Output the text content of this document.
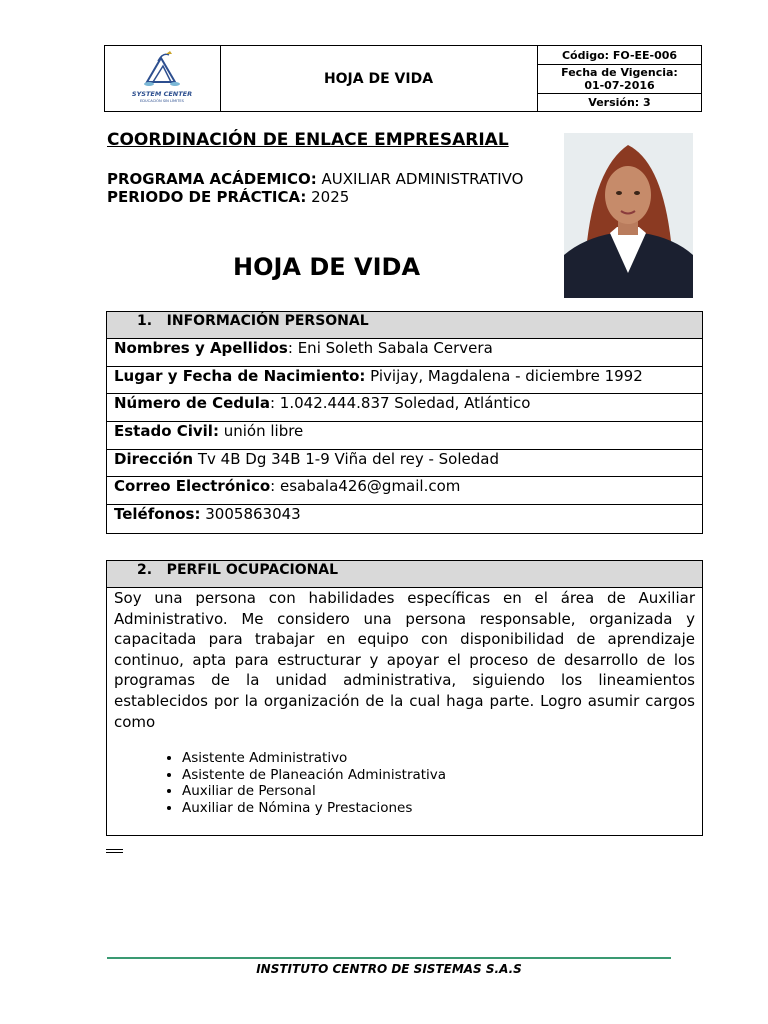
SYSTEM CENTER
EDUCACIÓN SIN LÍMITES
HOJA DE VIDA
Código: FO-EE-006
Fecha de Vigencia:
01-07-2016
Versión: 3
COORDINACIÓN DE ENLACE EMPRESARIAL
PROGRAMA ACÁDEMICO: AUXILIAR ADMINISTRATIVO
PERIODO DE PRÁCTICA: 2025
HOJA DE VIDA
1.   INFORMACIÓN PERSONAL
Nombres y Apellidos: Eni Soleth Sabala Cervera
Lugar y Fecha de Nacimiento: Pivijay, Magdalena - diciembre 1992
Número de Cedula: 1.042.444.837 Soledad, Atlántico
Estado Civil: unión libre
Dirección Tv 4B Dg 34B 1-9 Viña del rey - Soledad
Correo Electrónico: esabala426@gmail.com
Teléfonos: 3005863043
2.   PERFIL OCUPACIONAL

Soy una persona con habilidades específicas en el área de Auxiliar Administrativo. Me considero una persona responsable, organizada y capacitada para trabajar en equipo con disponibilidad de aprendizaje continuo, apta para estructurar y apoyar el proceso de desarrollo de los programas de la unidad administrativa, siguiendo los lineamientos establecidos por la organización de la cual haga parte. Logro asumir cargos como

• Asistente Administrativo
• Asistente de Planeación Administrativa
• Auxiliar de Personal
• Auxiliar de Nómina y Prestaciones
INSTITUTO CENTRO DE SISTEMAS S.A.S
